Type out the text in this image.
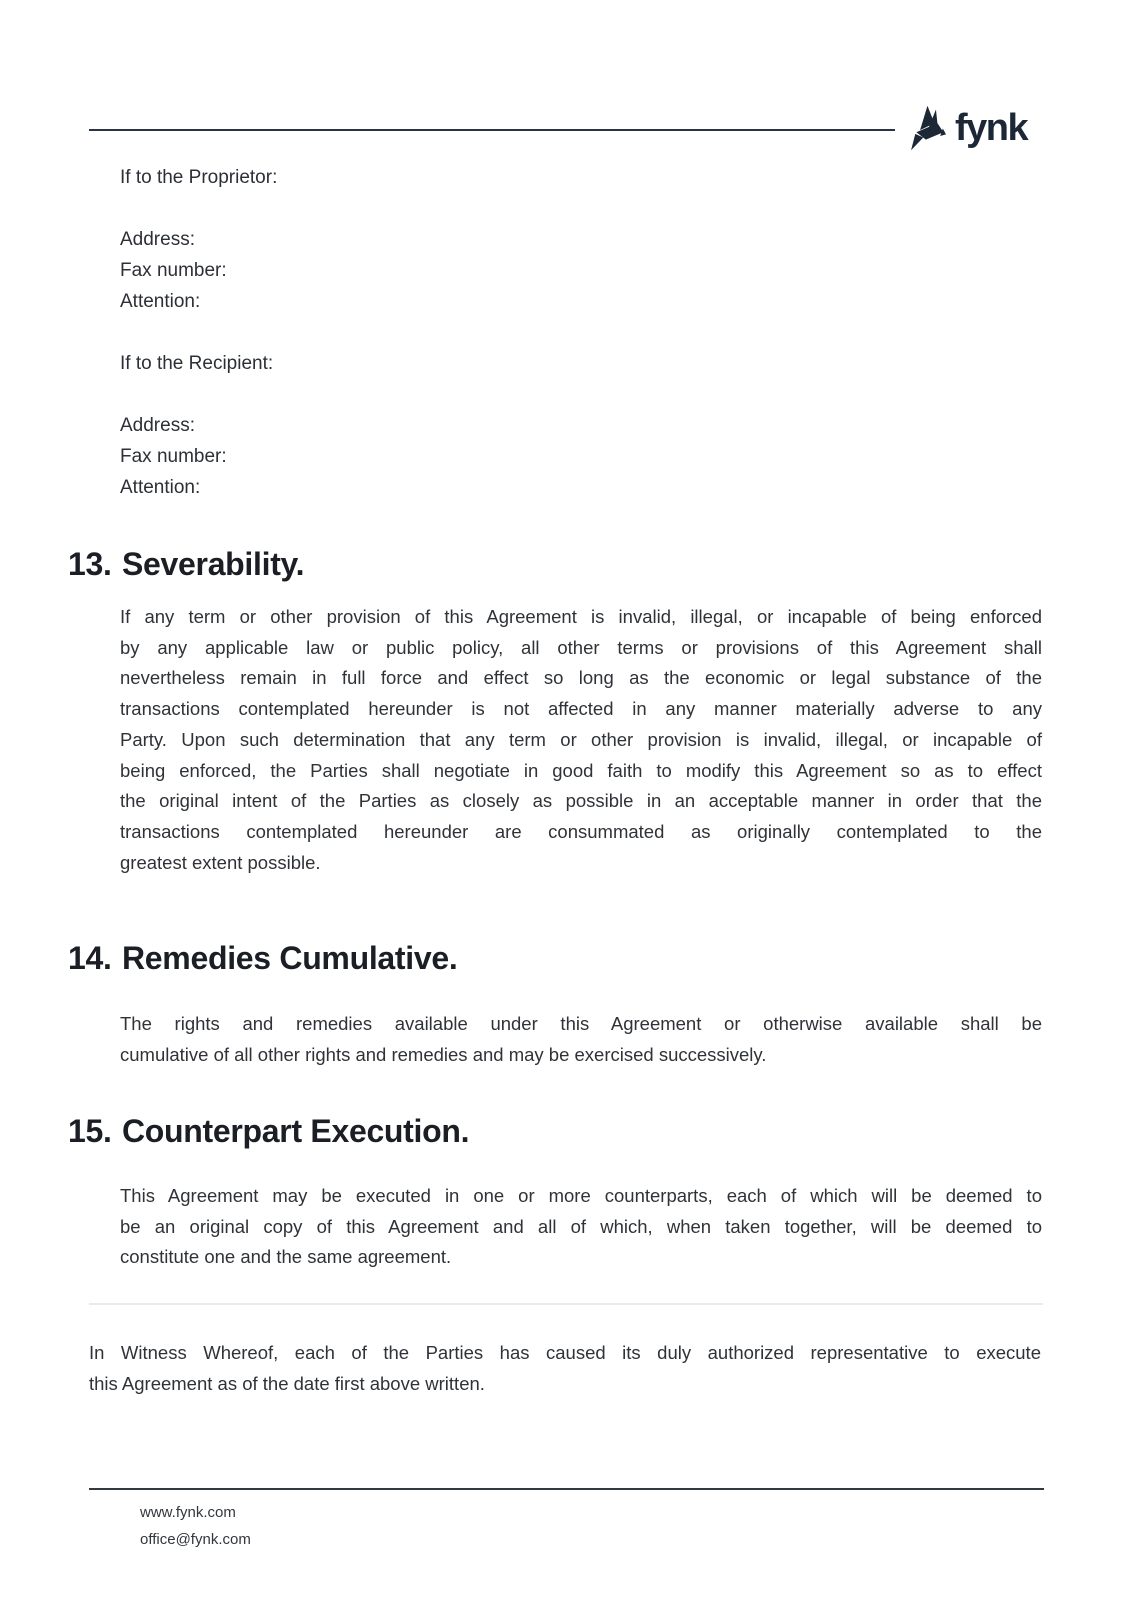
fynk
If to the Proprietor:

Address:
Fax number:
Attention:

If to the Recipient:

Address:
Fax number:
Attention:
13. Severability.
If any term or other provision of this Agreement is invalid, illegal, or incapable of being enforced
by any applicable law or public policy, all other terms or provisions of this Agreement shall
nevertheless remain in full force and effect so long as the economic or legal substance of the
transactions contemplated hereunder is not affected in any manner materially adverse to any
Party. Upon such determination that any term or other provision is invalid, illegal, or incapable of
being enforced, the Parties shall negotiate in good faith to modify this Agreement so as to effect
the original intent of the Parties as closely as possible in an acceptable manner in order that the
transactions contemplated hereunder are consummated as originally contemplated to the
greatest extent possible.
14. Remedies Cumulative.
The rights and remedies available under this Agreement or otherwise available shall be
cumulative of all other rights and remedies and may be exercised successively.
15. Counterpart Execution.
This Agreement may be executed in one or more counterparts, each of which will be deemed to
be an original copy of this Agreement and all of which, when taken together, will be deemed to
constitute one and the same agreement.
In Witness Whereof, each of the Parties has caused its duly authorized representative to execute
this Agreement as of the date first above written.
www.fynk.com
office@fynk.com
